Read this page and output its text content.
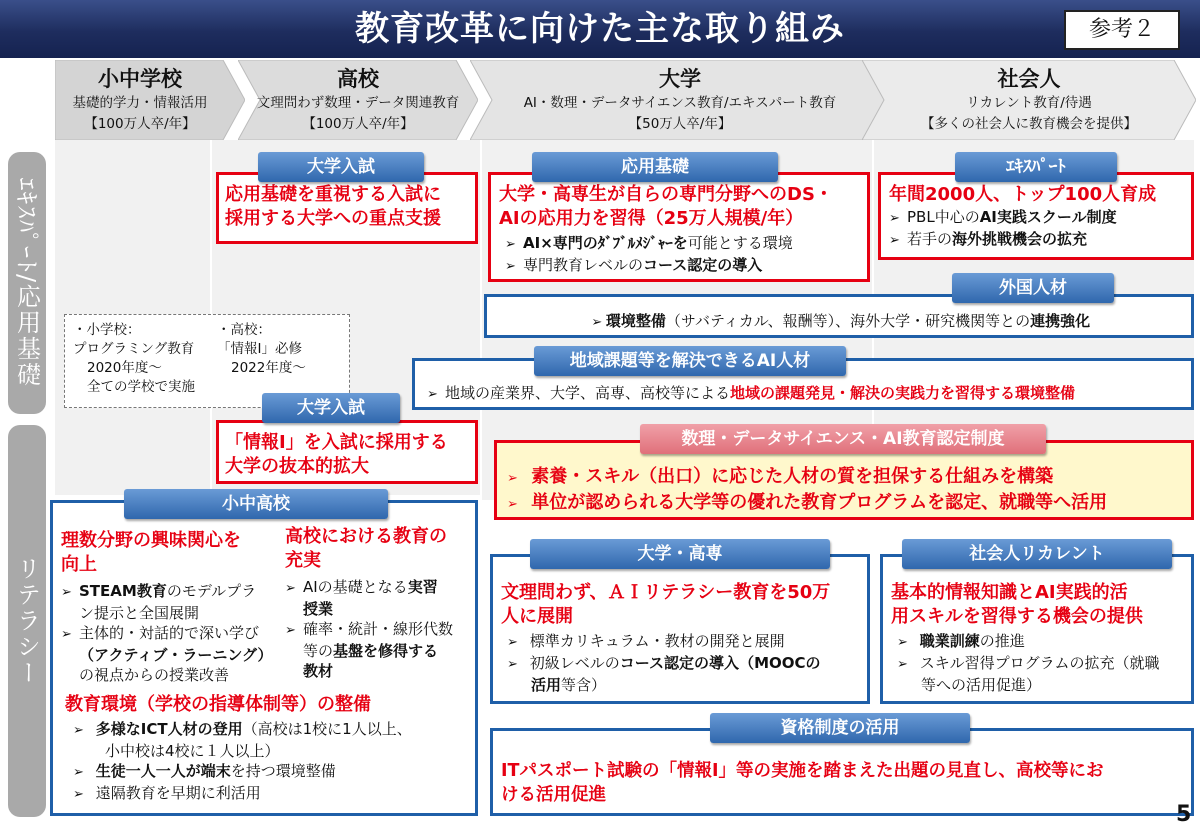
教育改革に向けた主な取り組み	参考２
小中学校
基礎的学力・情報活用
【100万人卒/年】
高校
文理問わず数理・データ関連教育
【100万人卒/年】
大学
AI・数理・データサイエンス教育/エキスパート教育
【50万人卒/年】
社会人
リカレント教育/待遇
【多くの社会人に教育機会を提供】
ｴｷｽﾊﾟｰﾄ/応用基礎
リテラシー
応用基礎を重視する入試に
採用する大学への重点支援
大学入試
大学・高専生が自らの専門分野へのDS・
AIの応用力を習得（25万人規模/年）
➢ AI×専門のﾀﾞﾌﾞﾙﾒｼﾞｬｰを可能とする環境
➢ 専門教育レベルのコース認定の導入
応用基礎
年間2000人、トップ100人育成
➢ PBL中心のAI実践スクール制度
➢ 若手の海外挑戦機会の拡充
ｴｷｽﾊﾟｰﾄ
➢ 環境整備（サバティカル、報酬等）、海外大学・研究機関等との連携強化
外国人材
・小学校：
プログラミング教育
2020年度～
全ての学校で実施
・高校：
「情報Ⅰ」必修
2022年度～
➢ 地域の産業界、大学、高専、高校等による地域の課題発見・解決の実践力を習得する環境整備
地域課題等を解決できるAI人材
「情報Ⅰ」を入試に採用する
大学の抜本的拡大
大学入試
➢ 素養・スキル（出口）に応じた人材の質を担保する仕組みを構築
➢ 単位が認められる大学等の優れた教育プログラムを認定、就職等へ活用
数理・データサイエンス・AI教育認定制度
理数分野の興味関心を
向上
➢ STEAM教育のモデルプラ
ン提示と全国展開
➢ 主体的・対話的で深い学び
（アクティブ・ラーニング）
の視点からの授業改善
高校における教育の
充実
➢ AIの基礎となる実習
授業
➢ 確率・統計・線形代数
等の基盤を修得する
教材
教育環境（学校の指導体制等）の整備
➢ 多様なICT人材の登用（高校は1校に1人以上、
小中校は4校に１人以上）
➢ 生徒一人一人が端末を持つ環境整備
➢ 遠隔教育を早期に利活用
小中高校
文理問わず、ＡＩリテラシー教育を50万
人に展開
➢ 標準カリキュラム・教材の開発と展開
➢ 初級レベルのコース認定の導入（MOOCの
活用等含）
大学・高専
基本的情報知識とAI実践的活
用スキルを習得する機会の提供
➢ 職業訓練の推進
➢ スキル習得プログラムの拡充（就職
等への活用促進）
社会人リカレント
ITパスポート試験の「情報Ⅰ」等の実施を踏まえた出題の見直し、高校等にお
ける活用促進
資格制度の活用
5
